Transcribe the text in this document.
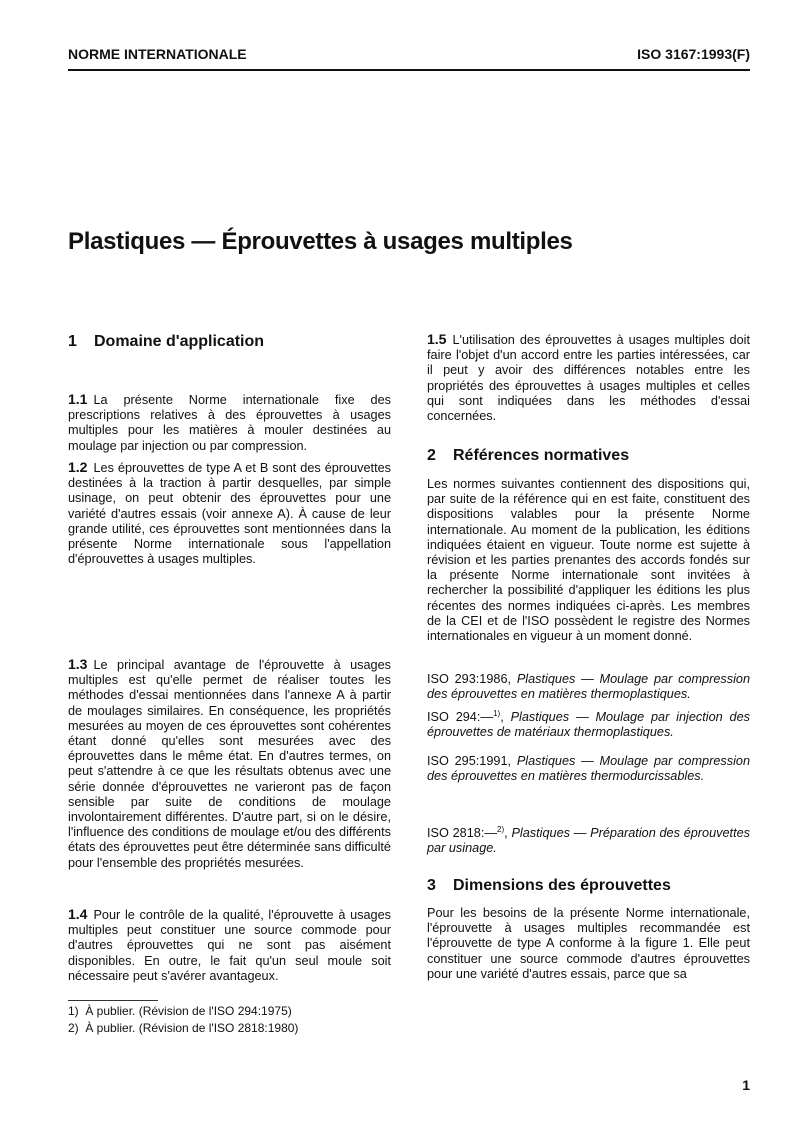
NORME INTERNATIONALE	ISO 3167:1993(F)
Plastiques — Éprouvettes à usages multiples
1 Domaine d'application
1.1 La présente Norme internationale fixe des prescriptions relatives à des éprouvettes à usages multiples pour les matières à mouler destinées au moulage par injection ou par compression.
1.2 Les éprouvettes de type A et B sont des éprouvettes destinées à la traction à partir desquelles, par simple usinage, on peut obtenir des éprouvettes pour une variété d'autres essais (voir annexe A). À cause de leur grande utilité, ces éprouvettes sont mentionnées dans la présente Norme internationale sous l'appellation d'éprouvettes à usages multiples.
1.3 Le principal avantage de l'éprouvette à usages multiples est qu'elle permet de réaliser toutes les méthodes d'essai mentionnées dans l'annexe A à partir de moulages similaires. En conséquence, les propriétés mesurées au moyen de ces éprouvettes sont cohérentes étant donné qu'elles sont mesurées avec des éprouvettes dans le même état. En d'autres termes, on peut s'attendre à ce que les résultats obtenus avec une série donnée d'éprouvettes ne varieront pas de façon sensible par suite de conditions de moulage involontairement différentes. D'autre part, si on le désire, l'influence des conditions de moulage et/ou des différents états des éprouvettes peut être déterminée sans difficulté pour l'ensemble des propriétés mesurées.
1.4 Pour le contrôle de la qualité, l'éprouvette à usages multiples peut constituer une source commode pour d'autres éprouvettes qui ne sont pas aisément disponibles. En outre, le fait qu'un seul moule soit nécessaire peut s'avérer avantageux.
1) À publier. (Révision de l'ISO 294:1975)
2) À publier. (Révision de l'ISO 2818:1980)
1.5 L'utilisation des éprouvettes à usages multiples doit faire l'objet d'un accord entre les parties intéressées, car il peut y avoir des différences notables entre les propriétés des éprouvettes à usages multiples et celles qui sont indiquées dans les méthodes d'essai concernées.
2 Références normatives
Les normes suivantes contiennent des dispositions qui, par suite de la référence qui en est faite, constituent des dispositions valables pour la présente Norme internationale. Au moment de la publication, les éditions indiquées étaient en vigueur. Toute norme est sujette à révision et les parties prenantes des accords fondés sur la présente Norme internationale sont invitées à rechercher la possibilité d'appliquer les éditions les plus récentes des normes indiquées ci-après. Les membres de la CEI et de l'ISO possèdent le registre des Normes internationales en vigueur à un moment donné.
ISO 293:1986, Plastiques — Moulage par compression des éprouvettes en matières thermoplastiques.
ISO 294:—$^{1)}$, Plastiques — Moulage par injection des éprouvettes de matériaux thermoplastiques.
ISO 295:1991, Plastiques — Moulage par compression des éprouvettes en matières thermodurcissables.
ISO 2818:—$^{2)}$, Plastiques — Préparation des éprouvettes par usinage.
3 Dimensions des éprouvettes
Pour les besoins de la présente Norme internationale, l'éprouvette à usages multiples recommandée est l'éprouvette de type A conforme à la figure 1. Elle peut constituer une source commode d'autres éprouvettes pour une variété d'autres essais, parce que sa
1
